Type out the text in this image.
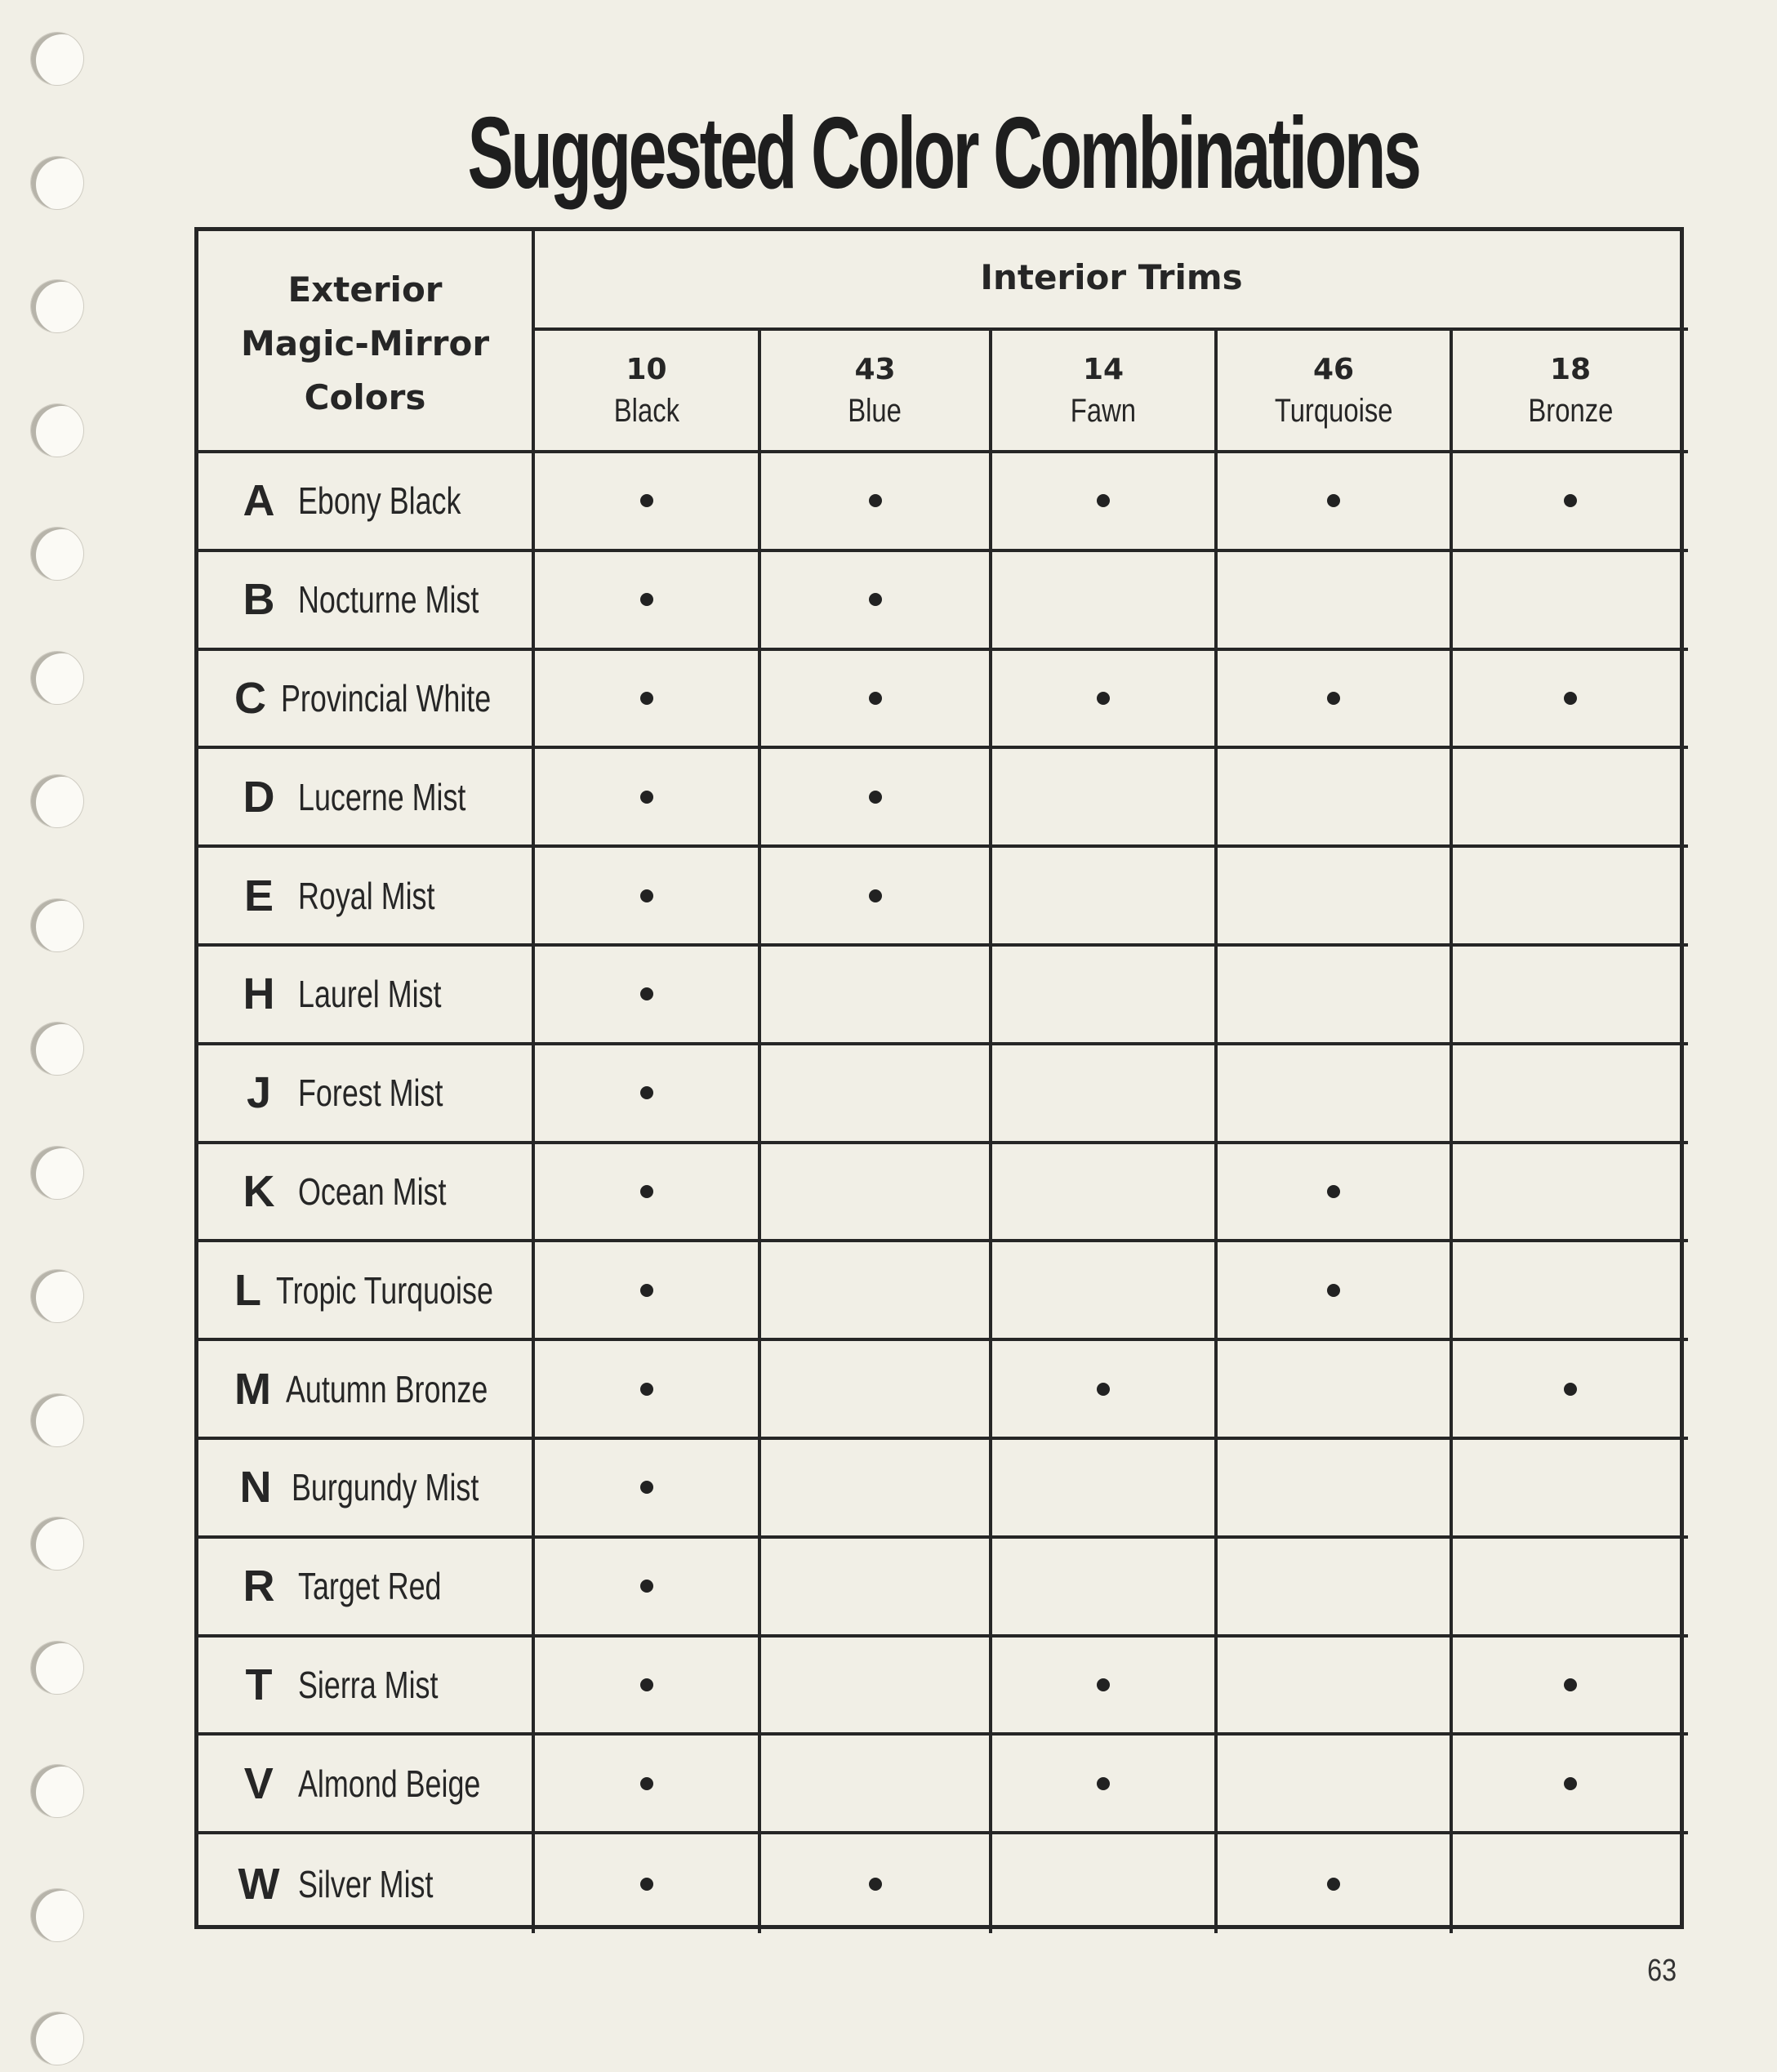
Suggested Color Combinations
Exterior
Magic-Mirror
Colors
Interior Trims
10
Black
43
Blue
14
Fawn
46
Turquoise
18
Bronze
A Ebony Black
B Nocturne Mist
C Provincial White
D Lucerne Mist
E Royal Mist
H Laurel Mist
J Forest Mist
K Ocean Mist
L Tropic Turquoise
M Autumn Bronze
N Burgundy Mist
R Target Red
T Sierra Mist
V Almond Beige
W Silver Mist
63
